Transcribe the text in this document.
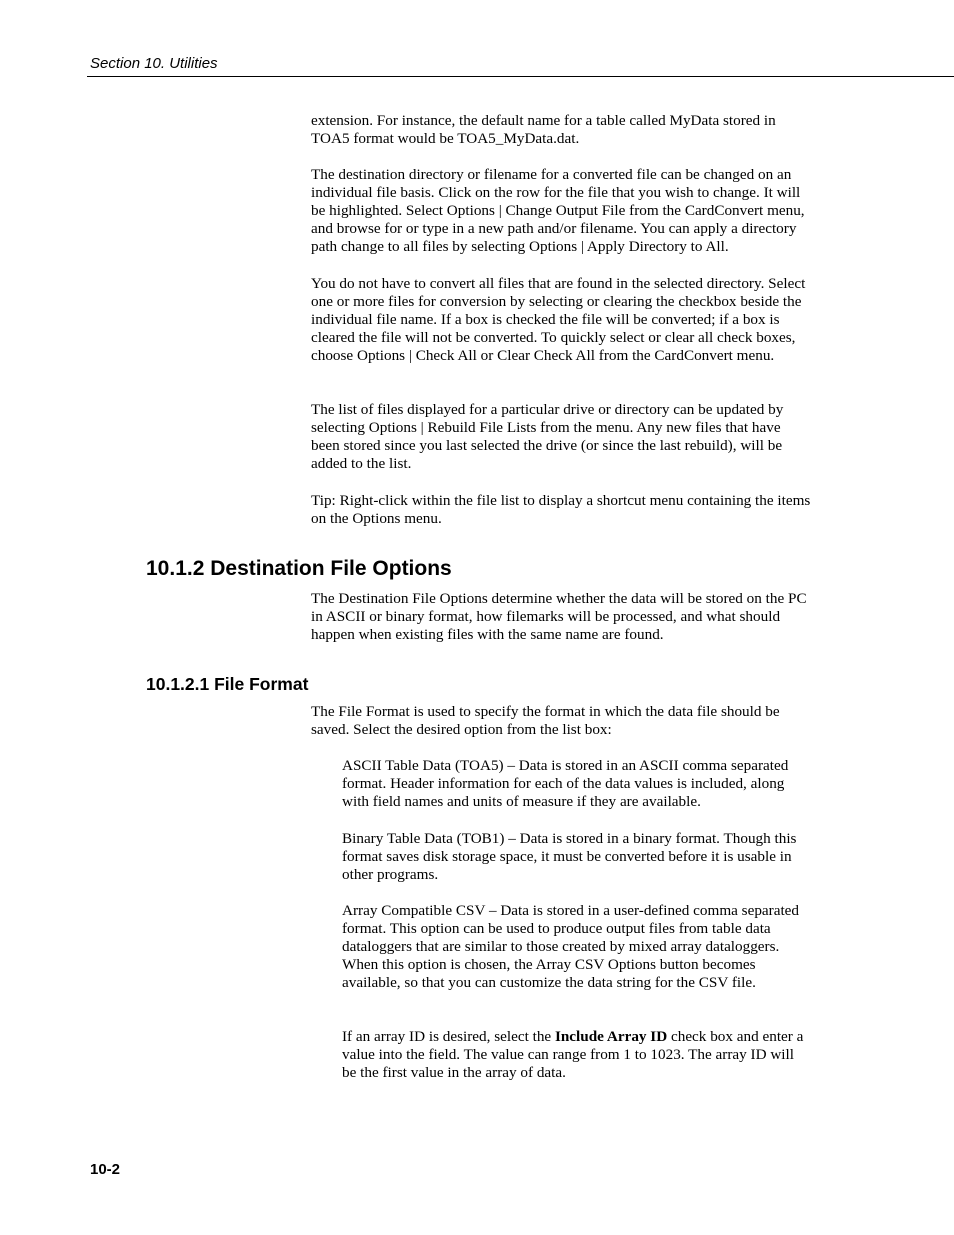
Section 10. Utilities

extension. For instance, the default name for a table called MyData stored in TOA5 format would be TOA5_MyData.dat.

The destination directory or filename for a converted file can be changed on an individual file basis. Click on the row for the file that you wish to change. It will be highlighted. Select Options | Change Output File from the CardConvert menu, and browse for or type in a new path and/or filename. You can apply a directory path change to all files by selecting Options | Apply Directory to All.

You do not have to convert all files that are found in the selected directory. Select one or more files for conversion by selecting or clearing the checkbox beside the individual file name. If a box is checked the file will be converted; if a box is cleared the file will not be converted. To quickly select or clear all check boxes, choose Options | Check All or Clear Check All from the CardConvert menu.

The list of files displayed for a particular drive or directory can be updated by selecting Options | Rebuild File Lists from the menu. Any new files that have been stored since you last selected the drive (or since the last rebuild), will be added to the list.

Tip: Right-click within the file list to display a shortcut menu containing the items on the Options menu.

10.1.2 Destination File Options

The Destination File Options determine whether the data will be stored on the PC in ASCII or binary format, how filemarks will be processed, and what should happen when existing files with the same name are found.

10.1.2.1 File Format

The File Format is used to specify the format in which the data file should be saved. Select the desired option from the list box:

ASCII Table Data (TOA5) – Data is stored in an ASCII comma separated format. Header information for each of the data values is included, along with field names and units of measure if they are available.

Binary Table Data (TOB1) – Data is stored in a binary format. Though this format saves disk storage space, it must be converted before it is usable in other programs.

Array Compatible CSV – Data is stored in a user-defined comma separated format. This option can be used to produce output files from table data dataloggers that are similar to those created by mixed array dataloggers. When this option is chosen, the Array CSV Options button becomes available, so that you can customize the data string for the CSV file.

If an array ID is desired, select the Include Array ID check box and enter a value into the field. The value can range from 1 to 1023. The array ID will be the first value in the array of data.

10-2
